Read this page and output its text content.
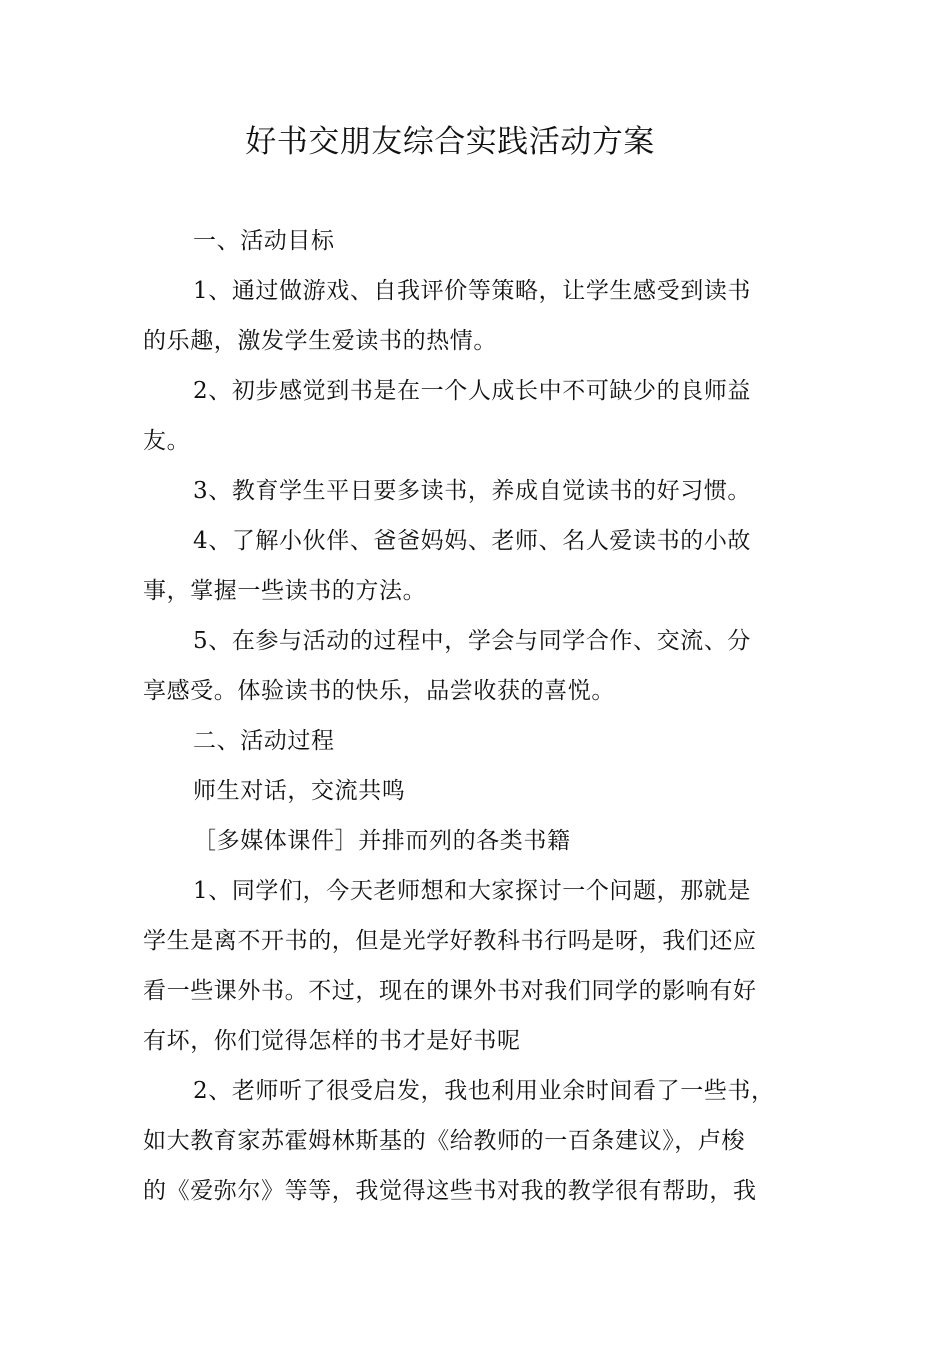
好书交朋友综合实践活动方案
一、活动目标
1、通过做游戏、自我评价等策略，让学生感受到读书
的乐趣，激发学生爱读书的热情。
2、初步感觉到书是在一个人成长中不可缺少的良师益
友。
3、教育学生平日要多读书，养成自觉读书的好习惯。
4、了解小伙伴、爸爸妈妈、老师、名人爱读书的小故
事，掌握一些读书的方法。
5、在参与活动的过程中，学会与同学合作、交流、分
享感受。体验读书的快乐，品尝收获的喜悦。
二、活动过程
师生对话，交流共鸣
［多媒体课件］并排而列的各类书籍
1、同学们，今天老师想和大家探讨一个问题，那就是
学生是离不开书的，但是光学好教科书行吗是呀，我们还应
看一些课外书。不过，现在的课外书对我们同学的影响有好
有坏，你们觉得怎样的书才是好书呢
2、老师听了很受启发，我也利用业余时间看了一些书，
如大教育家苏霍姆林斯基的《给教师的一百条建议》，卢梭
的《爱弥尔》等等，我觉得这些书对我的教学很有帮助，我
